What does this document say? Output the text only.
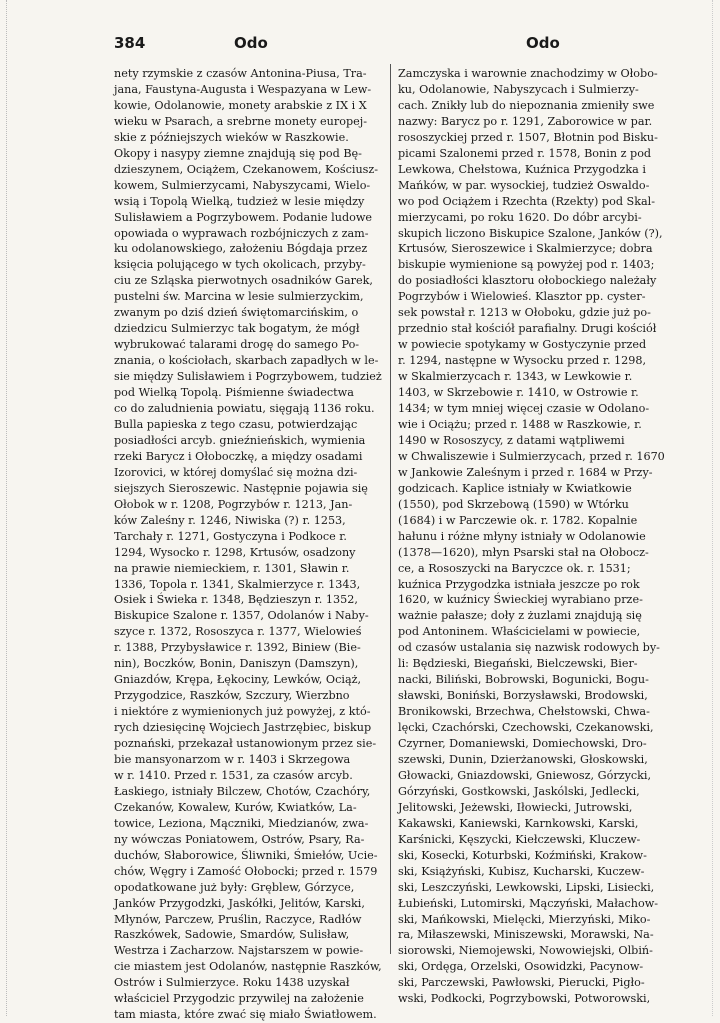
384	Odo	Odo
nety rzymskie z czasów Antonina-Piusa, Tra-
jana, Faustyna-Augusta i Wespazyana w Lew-
kowie, Odolanowie, monety arabskie z IX i X
wieku w Psarach, a srebrne monety europej-
skie z późniejszych wieków w Raszkowie.
Okopy i nasypy ziemne znajdują się pod Bę-
dzieszynem, Ociążem, Czekanowem, Kościusz-
kowem, Sulmierzycami, Nabyszycami, Wielo-
wsią i Topolą Wielką, tudzież w lesie między
Sulisławiem a Pogrzybowem. Podanie ludowe
opowiada o wyprawach rozbójniczych z zam-
ku odolanowskiego, założeniu Bógdaja przez
księcia polującego w tych okolicach, przyby-
ciu ze Szląska pierwotnych osadników Garek,
pustelni św. Marcina w lesie sulmierzyckim,
zwanym po dziś dzień świętomarcińskim, o
dziedzicu Sulmierzyc tak bogatym, że mógł
wybrukować talarami drogę do samego Po-
znania, o kościołach, skarbach zapadłych w le-
sie między Sulisławiem i Pogrzybowem, tudzież
pod Wielką Topolą. Piśmienne świadectwa
co do zaludnienia powiatu, sięgają 1136 roku.
Bulla papieska z tego czasu, potwierdzając
posiadłości arcyb. gnieźnieńskich, wymienia
rzeki Barycz i Ołoboczkę, a między osadami
Izorovici, w której domyślać się można dzi-
siejszych Sieroszewic. Następnie pojawia się
Ołobok w r. 1208, Pogrzybów r. 1213, Jan-
ków Zaleśny r. 1246, Niwiska (?) r. 1253,
Tarchały r. 1271, Gostyczyna i Podkoce r.
1294, Wysocko r. 1298, Krtusów, osadzony
na prawie niemieckiem, r. 1301, Sławin r.
1336, Topola r. 1341, Skalmierzyce r. 1343,
Osiek i Świeka r. 1348, Będzieszyn r. 1352,
Biskupice Szalone r. 1357, Odolanów i Naby-
szyce r. 1372, Rososzyca r. 1377, Wielowieś
r. 1388, Przybysławice r. 1392, Biniew (Bie-
nin), Boczków, Bonin, Daniszyn (Damszyn),
Gniazdów, Krępa, Łękociny, Lewków, Ociąż,
Przygodzice, Raszków, Szczury, Wierzbno
i niektóre z wymienionych już powyżej, z któ-
rych dziesięcinę Wojciech Jastrzębiec, biskup
poznański, przekazał ustanowionym przez sie-
bie mansyonarzom w r. 1403 i Skrzegowa
w r. 1410. Przed r. 1531, za czasów arcyb.
Łaskiego, istniały Bilczew, Chotów, Czachóry,
Czekanów, Kowalew, Kurów, Kwiatków, La-
towice, Leziona, Mączniki, Miedzianów, zwa-
ny wówczas Poniatowem, Ostrów, Psary, Ra-
duchów, Słaborowice, Śliwniki, Śmiełów, Ucie-
chów, Węgry i Zamość Ołobocki; przed r. 1579
opodatkowane już były: Gręblew, Górzyce,
Janków Przygodzki, Jaskółki, Jelitów, Karski,
Młynów, Parczew, Pruślin, Raczyce, Radłów
Raszkówek, Sadowie, Smardów, Sulisław,
Westrza i Zacharzow. Najstarszem w powie-
cie miastem jest Odolanów, następnie Raszków,
Ostrów i Sulmierzyce. Roku 1438 uzyskał
właściciel Przygodzic przywilej na założenie
tam miasta, które zwać się miało Światłowem.
Zamczyska i warownie znachodzimy w Ołobo-
ku, Odolanowie, Nabyszycach i Sulmierzy-
cach. Znikły lub do niepoznania zmieniły swe
nazwy: Barycz po r. 1291, Zaborowice w par.
rososzyckiej przed r. 1507, Błotnin pod Bisku-
picami Szalonemi przed r. 1578, Bonin z pod
Lewkowa, Chełstowa, Kuźnica Przygodzka i
Mańków, w par. wysockiej, tudzież Oswaldo-
wo pod Ociążem i Rzechta (Rzekty) pod Skal-
mierzycami, po roku 1620. Do dóbr arcybi-
skupich liczono Biskupice Szalone, Janków (?),
Krtusów, Sieroszewice i Skalmierzyce; dobra
biskupie wymienione są powyżej pod r. 1403;
do posiadłości klasztoru ołobockiego należały
Pogrzybów i Wielowieś. Klasztor pp. cyster-
sek powstał r. 1213 w Ołoboku, gdzie już po-
przednio stał kościół parafialny. Drugi kościół
w powiecie spotykamy w Gostyczynie przed
r. 1294, następne w Wysocku przed r. 1298,
w Skalmierzycach r. 1343, w Lewkowie r.
1403, w Skrzebowie r. 1410, w Ostrowie r.
1434; w tym mniej więcej czasie w Odolano-
wie i Ociążu; przed r. 1488 w Raszkowie, r.
1490 w Rososzycy, z datami wątpliwemi
w Chwaliszewie i Sulmierzycach, przed r. 1670
w Jankowie Zaleśnym i przed r. 1684 w Przy-
godzicach. Kaplice istniały w Kwiatkowie
(1550), pod Skrzebową (1590) w Wtórku
(1684) i w Parczewie ok. r. 1782. Kopalnie
hałunu i różne młyny istniały w Odolanowie
(1378—1620), młyn Psarski stał na Ołobocz-
ce, a Rososzycki na Baryczce ok. r. 1531;
kuźnica Przygodzka istniała jeszcze po rok
1620, w kuźnicy Świeckiej wyrabiano prze-
ważnie pałasze; doły z żuzlami znajdują się
pod Antoninem. Właścicielami w powiecie,
od czasów ustalania się nazwisk rodowych by-
li: Będzieski, Biegański, Bielczewski, Bier-
nacki, Biliński, Bobrowski, Bogunicki, Bogu-
sławski, Boniński, Borzysławski, Brodowski,
Bronikowski, Brzechwa, Chełstowski, Chwa-
lęcki, Czachórski, Czechowski, Czekanowski,
Czyrner, Domaniewski, Domiechowski, Dro-
szewski, Dunin, Dzierżanowski, Głoskowski,
Głowacki, Gniazdowski, Gniewosz, Górzycki,
Górzyński, Gostkowski, Jaskólski, Jedlecki,
Jelitowski, Jeżewski, Iłowiecki, Jutrowski,
Kakawski, Kaniewski, Karnkowski, Karski,
Karśnicki, Kęszycki, Kiełczewski, Kluczew-
ski, Kosecki, Koturbski, Koźmiński, Krakow-
ski, Książyński, Kubisz, Kucharski, Kuczew-
ski, Leszczyński, Lewkowski, Lipski, Lisiecki,
Łubieński, Lutomirski, Mączyński, Małachow-
ski, Mańkowski, Mielęcki, Mierzyński, Miko-
ra, Miłaszewski, Miniszewski, Morawski, Na-
siorowski, Niemojewski, Nowowiejski, Olbiń-
ski, Ordęga, Orzelski, Osowidzki, Pacynow-
ski, Parczewski, Pawłowski, Pierucki, Pigło-
wski, Podkocki, Pogrzybowski, Potworowski,
